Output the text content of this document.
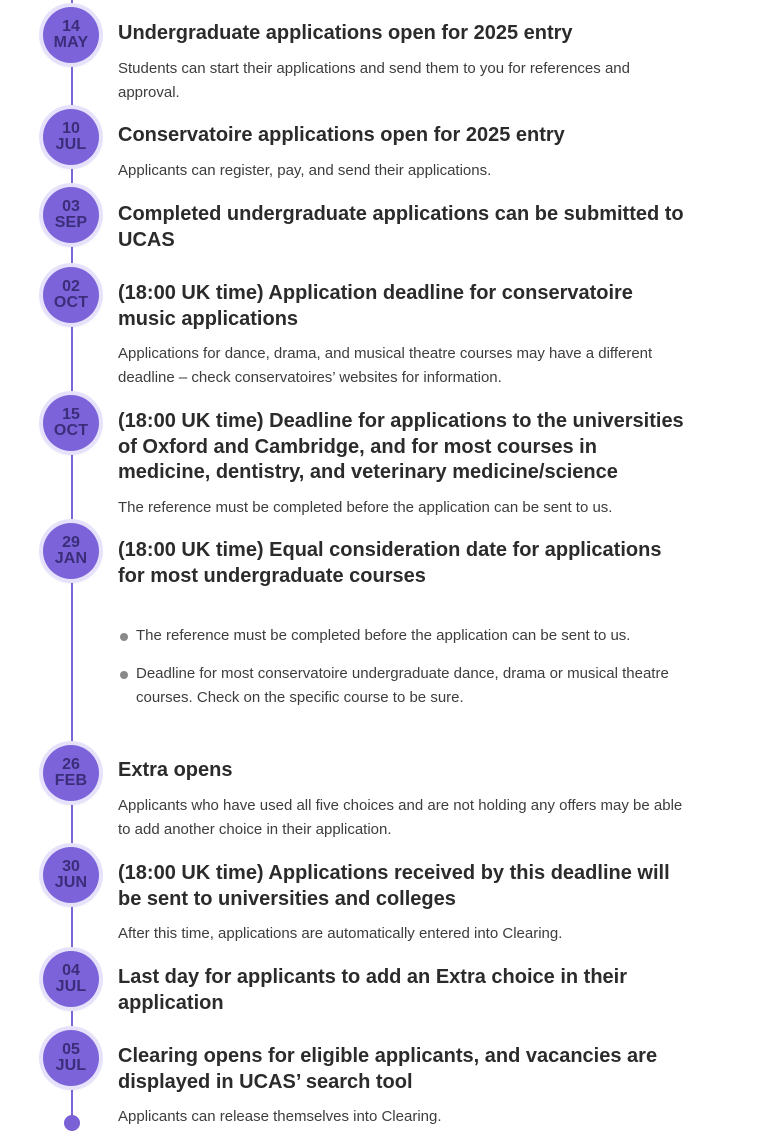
14
MAY Undergraduate applications open for 2025 entry

Students can start their applications and send them to you for references and approval.

10
JUL Conservatoire applications open for 2025 entry

Applicants can register, pay, and send their applications.

03
SEP Completed undergraduate applications can be submitted to UCAS
02
OCT (18:00 UK time) Application deadline for conservatoire music applications

Applications for dance, drama, and musical theatre courses may have a different deadline – check conservatoires’ websites for information.

15
OCT (18:00 UK time) Deadline for applications to the universities of Oxford and Cambridge, and for most courses in medicine, dentistry, and veterinary medicine/science

The reference must be completed before the application can be sent to us.

29
JAN (18:00 UK time) Equal consideration date for applications for most undergraduate courses
The reference must be completed before the application can be sent to us.
Deadline for most conservatoire undergraduate dance, drama or musical theatre courses. Check on the specific course to be sure.
26
FEB Extra opens

Applicants who have used all five choices and are not holding any offers may be able to add another choice in their application.

30
JUN (18:00 UK time) Applications received by this deadline will be sent to universities and colleges

After this time, applications are automatically entered into Clearing.

04
JUL Last day for applicants to add an Extra choice in their application
05
JUL Clearing opens for eligible applicants, and vacancies are displayed in UCAS’ search tool

Applicants can release themselves into Clearing.
